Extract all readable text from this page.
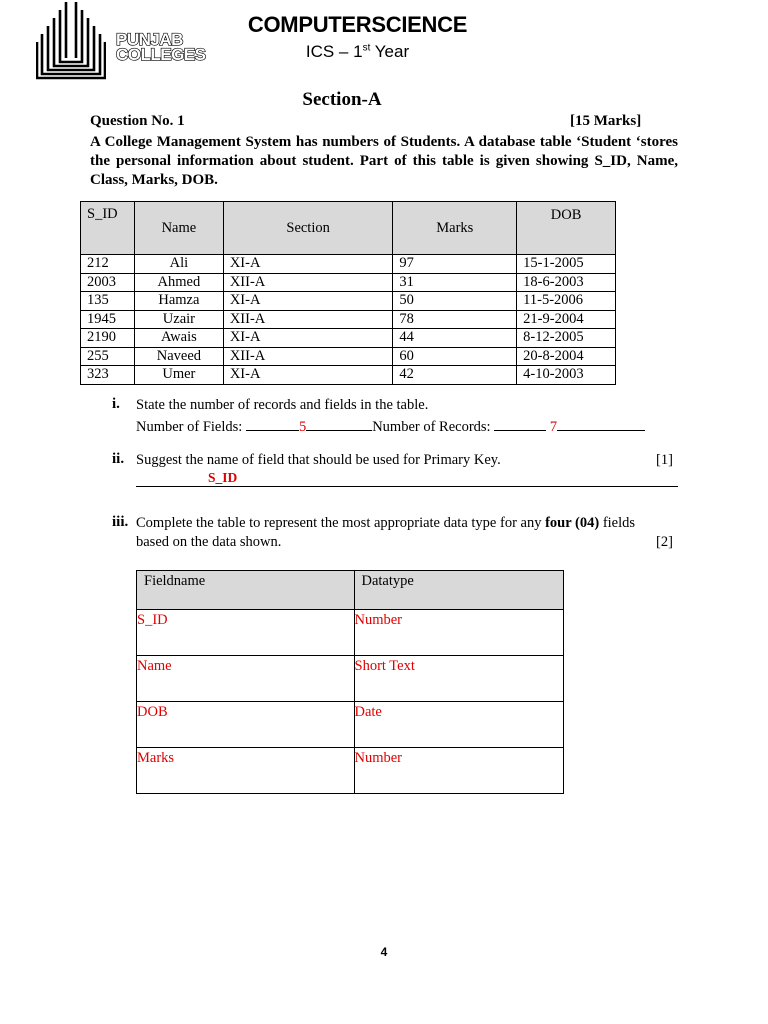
PUNJAB
COLLEGES
COMPUTERSCIENCE
ICS – 1st Year
Section-A
Question No. 1	[15 Marks]
A College Management System has numbers of Students. A database table ‘Student ‘stores the personal information about student. Part of this table is given showing S_ID, Name, Class, Marks, DOB.
S_ID	Name	Section	Marks	DOB
212	Ali	XI-A	97	15-1-2005
2003	Ahmed	XII-A	31	18-6-2003
135	Hamza	XI-A	50	11-5-2006
1945	Uzair	XII-A	78	21-9-2004
2190	Awais	XI-A	44	8-12-2005
255	Naveed	XII-A	60	20-8-2004
323	Umer	XI-A	42	4-10-2003
i. State the number of records and fields in the table.
Number of Fields:	5	Number of Records:	7
ii. Suggest the name of field that should be used for Primary Key.	[1]
S_ID
iii. Complete the table to represent the most appropriate data type for any four (04) fields
based on the data shown.	[2]
Fieldname	Datatype
S_ID	Number
Name	Short Text
DOB	Date
Marks	Number
4
